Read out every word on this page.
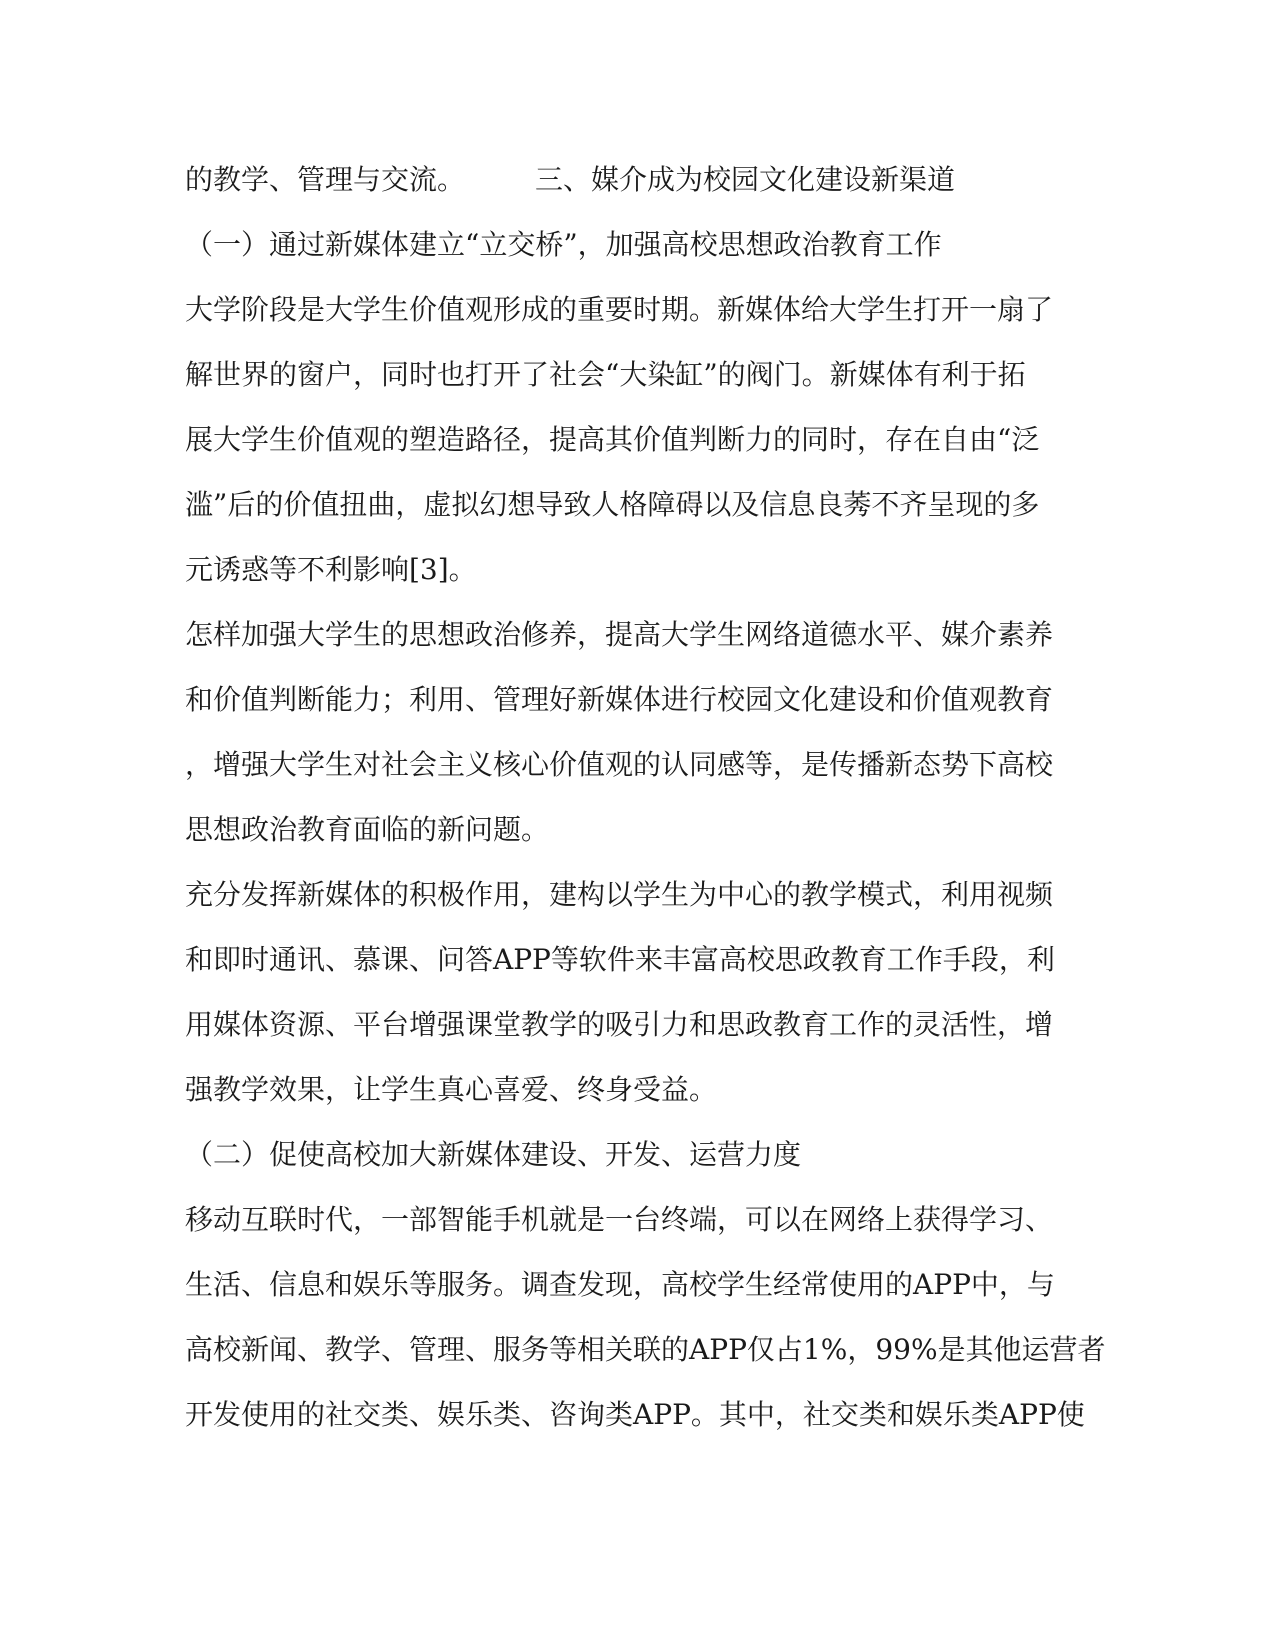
的教学、管理与交流。　　　三、媒介成为校园文化建设新渠道
（一）通过新媒体建立“立交桥”，加强高校思想政治教育工作
大学阶段是大学生价值观形成的重要时期。新媒体给大学生打开一扇了
解世界的窗户，同时也打开了社会“大染缸”的阀门。新媒体有利于拓
展大学生价值观的塑造路径，提高其价值判断力的同时，存在自由“泛
滥”后的价值扭曲，虚拟幻想导致人格障碍以及信息良莠不齐呈现的多
元诱惑等不利影响[3]。
怎样加强大学生的思想政治修养，提高大学生网络道德水平、媒介素养
和价值判断能力；利用、管理好新媒体进行校园文化建设和价值观教育
，增强大学生对社会主义核心价值观的认同感等，是传播新态势下高校
思想政治教育面临的新问题。
充分发挥新媒体的积极作用，建构以学生为中心的教学模式，利用视频
和即时通讯、慕课、问答APP等软件来丰富高校思政教育工作手段，利
用媒体资源、平台增强课堂教学的吸引力和思政教育工作的灵活性，增
强教学效果，让学生真心喜爱、终身受益。
（二）促使高校加大新媒体建设、开发、运营力度
移动互联时代，一部智能手机就是一台终端，可以在网络上获得学习、
生活、信息和娱乐等服务。调查发现，高校学生经常使用的APP中，与
高校新闻、教学、管理、服务等相关联的APP仅占1%，99%是其他运营者
开发使用的社交类、娱乐类、咨询类APP。其中，社交类和娱乐类APP使
